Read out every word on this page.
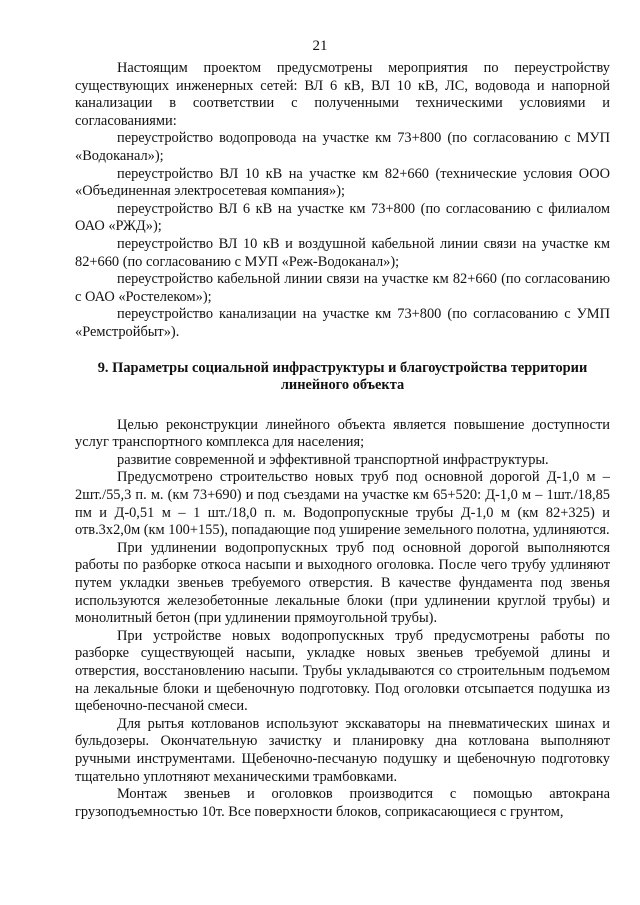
21

Настоящим проектом предусмотрены мероприятия по переустройству существующих инженерных сетей: ВЛ 6 кВ, ВЛ 10 кВ, ЛС, водовода и напорной канализации в соответствии с полученными техническими условиями и согласованиями:

переустройство водопровода на участке км 73+800 (по согласованию с МУП «Водоканал»);

переустройство ВЛ 10 кВ на участке км 82+660 (технические условия ООО «Объединенная электросетевая компания»);

переустройство ВЛ 6 кВ на участке км 73+800 (по согласованию с филиалом ОАО «РЖД»);

переустройство ВЛ 10 кВ и воздушной кабельной линии связи на участке км 82+660 (по согласованию с МУП «Реж-Водоканал»);

переустройство кабельной линии связи на участке км 82+660 (по согласованию с ОАО «Ростелеком»);

переустройство канализации на участке км 73+800 (по согласованию с УМП «Ремстройбыт»).

9. Параметры социальной инфраструктуры и благоустройства территории линейного объекта

Целью реконструкции линейного объекта является повышение доступности услуг транспортного комплекса для населения;

развитие современной и эффективной транспортной инфраструктуры.

Предусмотрено строительство новых труб под основной дорогой Д-1,0 м – 2шт./55,3 п. м. (км 73+690) и под съездами на участке км 65+520: Д-1,0 м – 1шт./18,85 пм и Д-0,51 м – 1 шт./18,0 п. м. Водопропускные трубы Д-1,0 м (км 82+325) и отв.3х2,0м (км 100+155), попадающие под уширение земельного полотна, удлиняются.

При удлинении водопропускных труб под основной дорогой выполняются работы по разборке откоса насыпи и выходного оголовка. После чего трубу удлиняют путем укладки звеньев требуемого отверстия. В качестве фундамента под звенья используются железобетонные лекальные блоки (при удлинении круглой трубы) и монолитный бетон (при удлинении прямоугольной трубы).

При устройстве новых водопропускных труб предусмотрены работы по разборке существующей насыпи, укладке новых звеньев требуемой длины и отверстия, восстановлению насыпи. Трубы укладываются со строительным подъемом на лекальные блоки и щебеночную подготовку. Под оголовки отсыпается подушка из щебеночно-песчаной смеси.

Для рытья котлованов используют экскаваторы на пневматических шинах и бульдозеры. Окончательную зачистку и планировку дна котлована выполняют ручными инструментами. Щебеночно-песчаную подушку и щебеночную подготовку тщательно уплотняют механическими трамбовками.

Монтаж звеньев и оголовков производится с помощью автокрана грузоподъемностью 10т. Все поверхности блоков, соприкасающиеся с грунтом,
